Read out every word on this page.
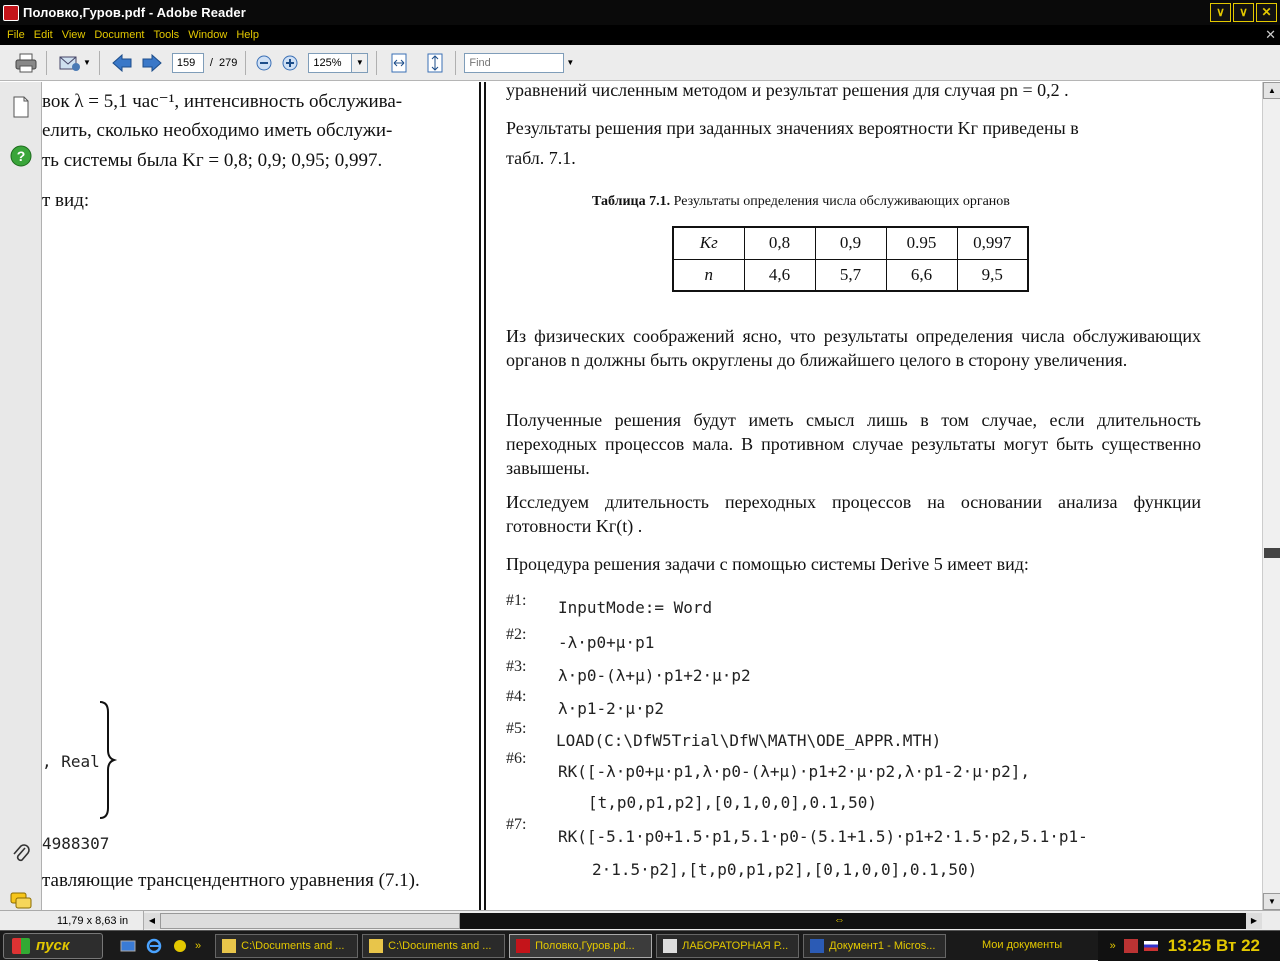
Половко,Гуров.pdf - Adobe Reader	∨	∨	✕
File Edit View Document Tools Window Help	✕
▼
159	/ 279	125%	▼
Find	▼
?
вок λ = 5,1 час⁻¹, интенсивность обслужива-
елить, сколько необходимо иметь обслужи-
ть системы была Kг = 0,8; 0,9; 0,95; 0,997.
т вид:
, Real
4988307
тавляющие трансцендентного уравнения (7.1).
уравнений численным методом и результат решения для случая pn = 0,2 .
Результаты решения при заданных значениях вероятности Kг приведены в
табл. 7.1.
Таблица 7.1. Результаты определения числа обслуживающих органов
Kг	0,8	0,9	0.95	0,997
n	4,6	5,7	6,6	9,5
Из физических соображений ясно, что результаты определения числа обслуживающих органов n должны быть округлены до ближайшего целого в сторону увеличения.
Полученные решения будут иметь смысл лишь в том случае, если длительность переходных процессов мала. В противном случае результаты могут быть существенно завышены.
Исследуем длительность переходных процессов на основании анализа функции готовности Kг(t) .
Процедура решения задачи с помощью системы Derive 5 имеет вид:
#1: InputMode:= Word
#2: -λ·p0+μ·p1
#3: λ·p0-(λ+μ)·p1+2·μ·p2
#4:
λ·p1-2·μ·p2
#5:
LOAD(C:\DfW5Trial\DfW\MATH\ODE_APPR.MTH)
#6:
RK([-λ·p0+μ·p1,λ·p0-(λ+μ)·p1+2·μ·p2,λ·p1-2·μ·p2],
[t,p0,p1,p2],[0,1,0,0],0.1,50)
#7:
RK([-5.1·p0+1.5·p1,5.1·p0-(5.1+1.5)·p1+2·1.5·p2,5.1·p1-
2·1.5·p2],[t,p0,p1,p2],[0,1,0,0],0.1,50)
▲
▼
11,79 x 8,63 in	◀	⇔	▶
пуск	»	C:\Documents and ...	C:\Documents and ...	Половко,Гуров.pd...	ЛАБОРАТОРНАЯ Р...	Документ1 - Micros...	Мои документы	»	13:25 Вт 22
